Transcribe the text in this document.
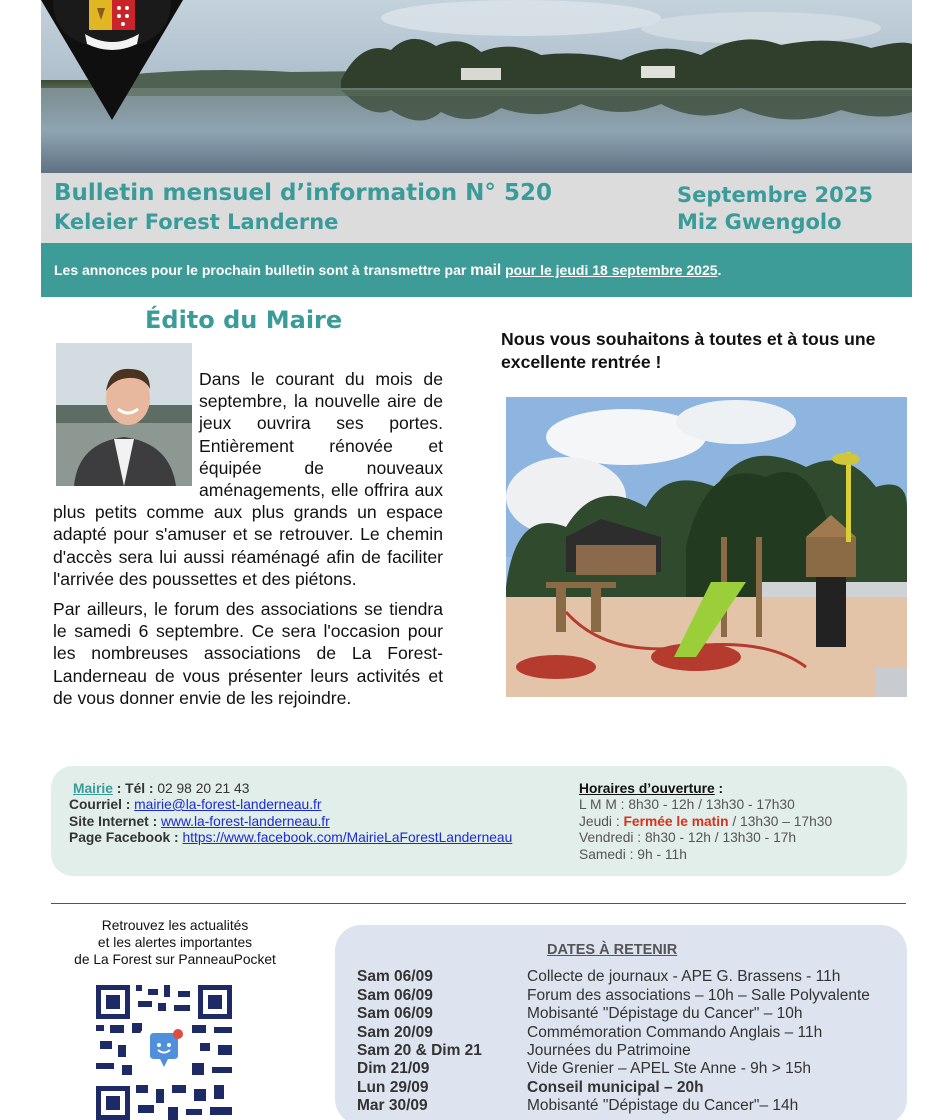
Bulletin mensuel d’information N° 520
Keleier Forest Landerne
Septembre 2025
Miz Gwengolo
Les annonces pour le prochain bulletin sont à transmettre par mail pour le jeudi 18 septembre 2025.
Édito du Maire

Dans le courant du mois de septembre, la nouvelle aire de jeux ouvrira ses portes. Entièrement rénovée et équipée de nouveaux aménagements, elle offrira aux plus petits comme aux plus grands un espace adapté pour s'amuser et se retrouver. Le chemin d'accès sera lui aussi réaménagé afin de faciliter l'arrivée des poussettes et des piétons.

Par ailleurs, le forum des associations se tiendra le samedi 6 septembre. Ce sera l'occasion pour les nombreuses associations de La Forest-Landerneau de vous présenter leurs activités et de vous donner envie de les rejoindre.

Nous vous souhaitons à toutes et à tous une excellente rentrée !
Mairie : Tél : 02 98 20 21 43
Courriel : mairie@la-forest-landerneau.fr
Site Internet : www.la-forest-landerneau.fr
Page Facebook : https://www.facebook.com/MairieLaForestLanderneau
Horaires d’ouverture :
L M M : 8h30 - 12h / 13h30 - 17h30
Jeudi : Fermée le matin / 13h30 – 17h30
Vendredi : 8h30 - 12h / 13h30 - 17h
Samedi : 9h - 11h
Retrouvez les actualités
et les alertes importantes
de La Forest sur PanneauPocket
DATES À RETENIR
Sam 06/09	Collecte de journaux - APE G. Brassens - 11h
Sam 06/09	Forum des associations – 10h – Salle Polyvalente
Sam 06/09	Mobisanté "Dépistage du Cancer" – 10h
Sam 20/09	Commémoration Commando Anglais – 11h
Sam 20 & Dim 21	Journées du Patrimoine
Dim 21/09	Vide Grenier – APEL Ste Anne - 9h > 15h
Lun 29/09	Conseil municipal – 20h
Mar 30/09	Mobisanté "Dépistage du Cancer"– 14h
